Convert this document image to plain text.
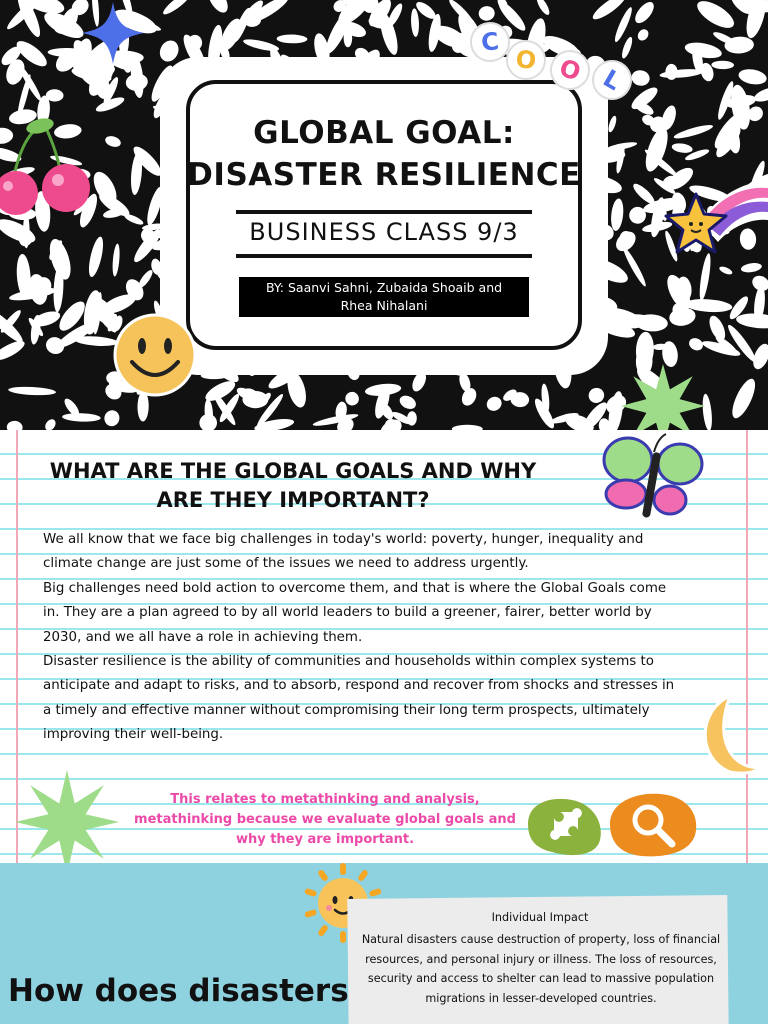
GLOBAL GOAL:
DISASTER RESILIENCE
BUSINESS CLASS 9/3
BY: Saanvi Sahni, Zubaida Shoaib and
Rhea Nihalani
C
O O L
WHAT ARE THE GLOBAL GOALS AND WHY
ARE THEY IMPORTANT?

We all know that we face big challenges in today's world: poverty, hunger, inequality and climate change are just some of the issues we need to address urgently.

Big challenges need bold action to overcome them, and that is where the Global Goals come in. They are a plan agreed to by all world leaders to build a greener, fairer, better world by 2030, and we all have a role in achieving them.

Disaster resilience is the ability of communities and households within complex systems to anticipate and adapt to risks, and to absorb, respond and recover from shocks and stresses in a timely and effective manner without compromising their long term prospects, ultimately improving their well-being.

This relates to metathinking and analysis, metathinking because we evaluate global goals and why they are important.
Individual Impact
Natural disasters cause destruction of property, loss of financial resources, and personal injury or illness. The loss of resources, security and access to shelter can lead to massive population migrations in lesser-developed countries.
How does disasters
